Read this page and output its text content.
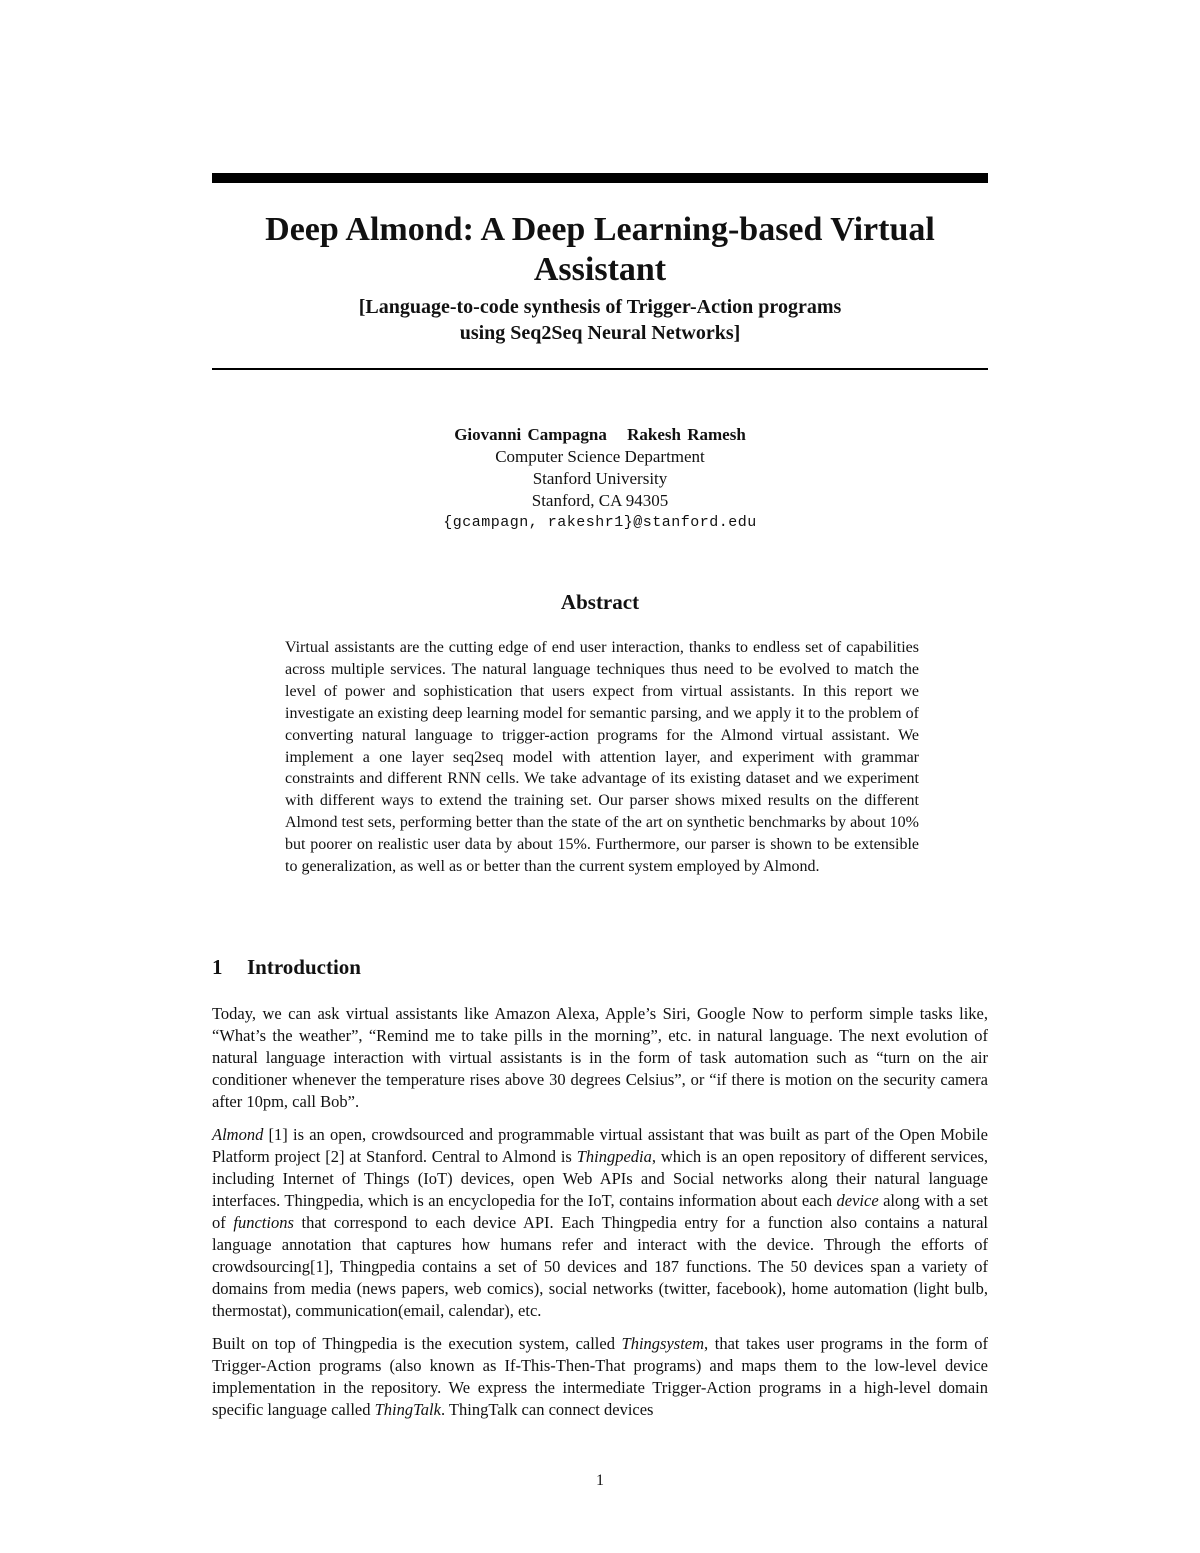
Deep Almond: A Deep Learning-based Virtual
Assistant

[Language-to-code synthesis of Trigger-Action programs
using Seq2Seq Neural Networks]

Giovanni Campagna Rakesh Ramesh
Computer Science Department
Stanford University
Stanford, CA 94305
{gcampagn, rakeshr1}@stanford.edu
Abstract

Virtual assistants are the cutting edge of end user interaction, thanks to endless set of capabilities across multiple services. The natural language techniques thus need to be evolved to match the level of power and sophistication that users expect from virtual assistants. In this report we investigate an existing deep learning model for semantic parsing, and we apply it to the problem of converting natural language to trigger-action programs for the Almond virtual assistant. We implement a one layer seq2seq model with attention layer, and experiment with grammar constraints and different RNN cells. We take advantage of its existing dataset and we experiment with different ways to extend the training set. Our parser shows mixed results on the different Almond test sets, performing better than the state of the art on synthetic benchmarks by about 10% but poorer on realistic user data by about 15%. Furthermore, our parser is shown to be extensible to generalization, as well as or better than the current system employed by Almond.

1 Introduction

Today, we can ask virtual assistants like Amazon Alexa, Apple’s Siri, Google Now to perform simple tasks like, “What’s the weather”, “Remind me to take pills in the morning”, etc. in natural language. The next evolution of natural language interaction with virtual assistants is in the form of task automation such as “turn on the air conditioner whenever the temperature rises above 30 degrees Celsius”, or “if there is motion on the security camera after 10pm, call Bob”.

Almond [1] is an open, crowdsourced and programmable virtual assistant that was built as part of the Open Mobile Platform project [2] at Stanford. Central to Almond is Thingpedia, which is an open repository of different services, including Internet of Things (IoT) devices, open Web APIs and Social networks along their natural language interfaces. Thingpedia, which is an encyclopedia for the IoT, contains information about each device along with a set of functions that correspond to each device API. Each Thingpedia entry for a function also contains a natural language annotation that captures how humans refer and interact with the device. Through the efforts of crowdsourcing[1], Thingpedia contains a set of 50 devices and 187 functions. The 50 devices span a variety of domains from media (news papers, web comics), social networks (twitter, facebook), home automation (light bulb, thermostat), communication(email, calendar), etc.

Built on top of Thingpedia is the execution system, called Thingsystem, that takes user programs in the form of Trigger-Action programs (also known as If-This-Then-That programs) and maps them to the low-level device implementation in the repository. We express the intermediate Trigger-Action programs in a high-level domain specific language called ThingTalk. ThingTalk can connect devices

1
